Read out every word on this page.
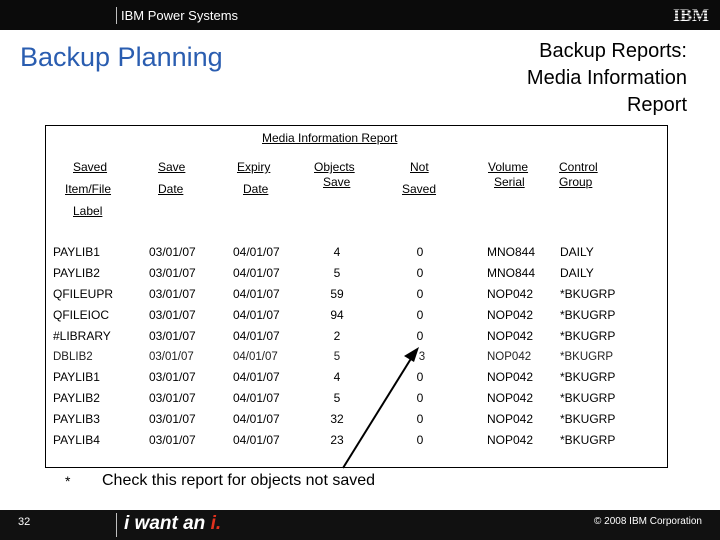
IBM Power Systems	IBM
Backup Planning	Backup Reports:
Media Information
Report
Media Information Report
Saved
Item/File
Label
Save
Date
Expiry
Date
Objects
Save
Not
Saved
Volume
Serial
Control
Group
PAYLIB1	03/01/07	04/01/07	4	0	MNO844 DAILY
PAYLIB2	03/01/07	04/01/07	5	0	MNO844 DAILY
QFILEUPR	03/01/07	04/01/07	59	0	NOP042 *BKUGRP
QFILEIOC	03/01/07	04/01/07	94	0	NOP042 *BKUGRP
#LIBRARY	03/01/07	04/01/07	2	0	NOP042 *BKUGRP
DBLIB2	03/01/07	04/01/07	5	3	NOP042	*BKUGRP
PAYLIB1	03/01/07	04/01/07	4	0	NOP042 *BKUGRP
PAYLIB2	03/01/07	04/01/07	5	0	NOP042 *BKUGRP
PAYLIB3	03/01/07	04/01/07	32	0	NOP042 *BKUGRP
PAYLIB4	03/01/07	04/01/07	23	0	NOP042 *BKUGRP
* Check this report for objects not saved
32	i want an i.	© 2008 IBM Corporation
